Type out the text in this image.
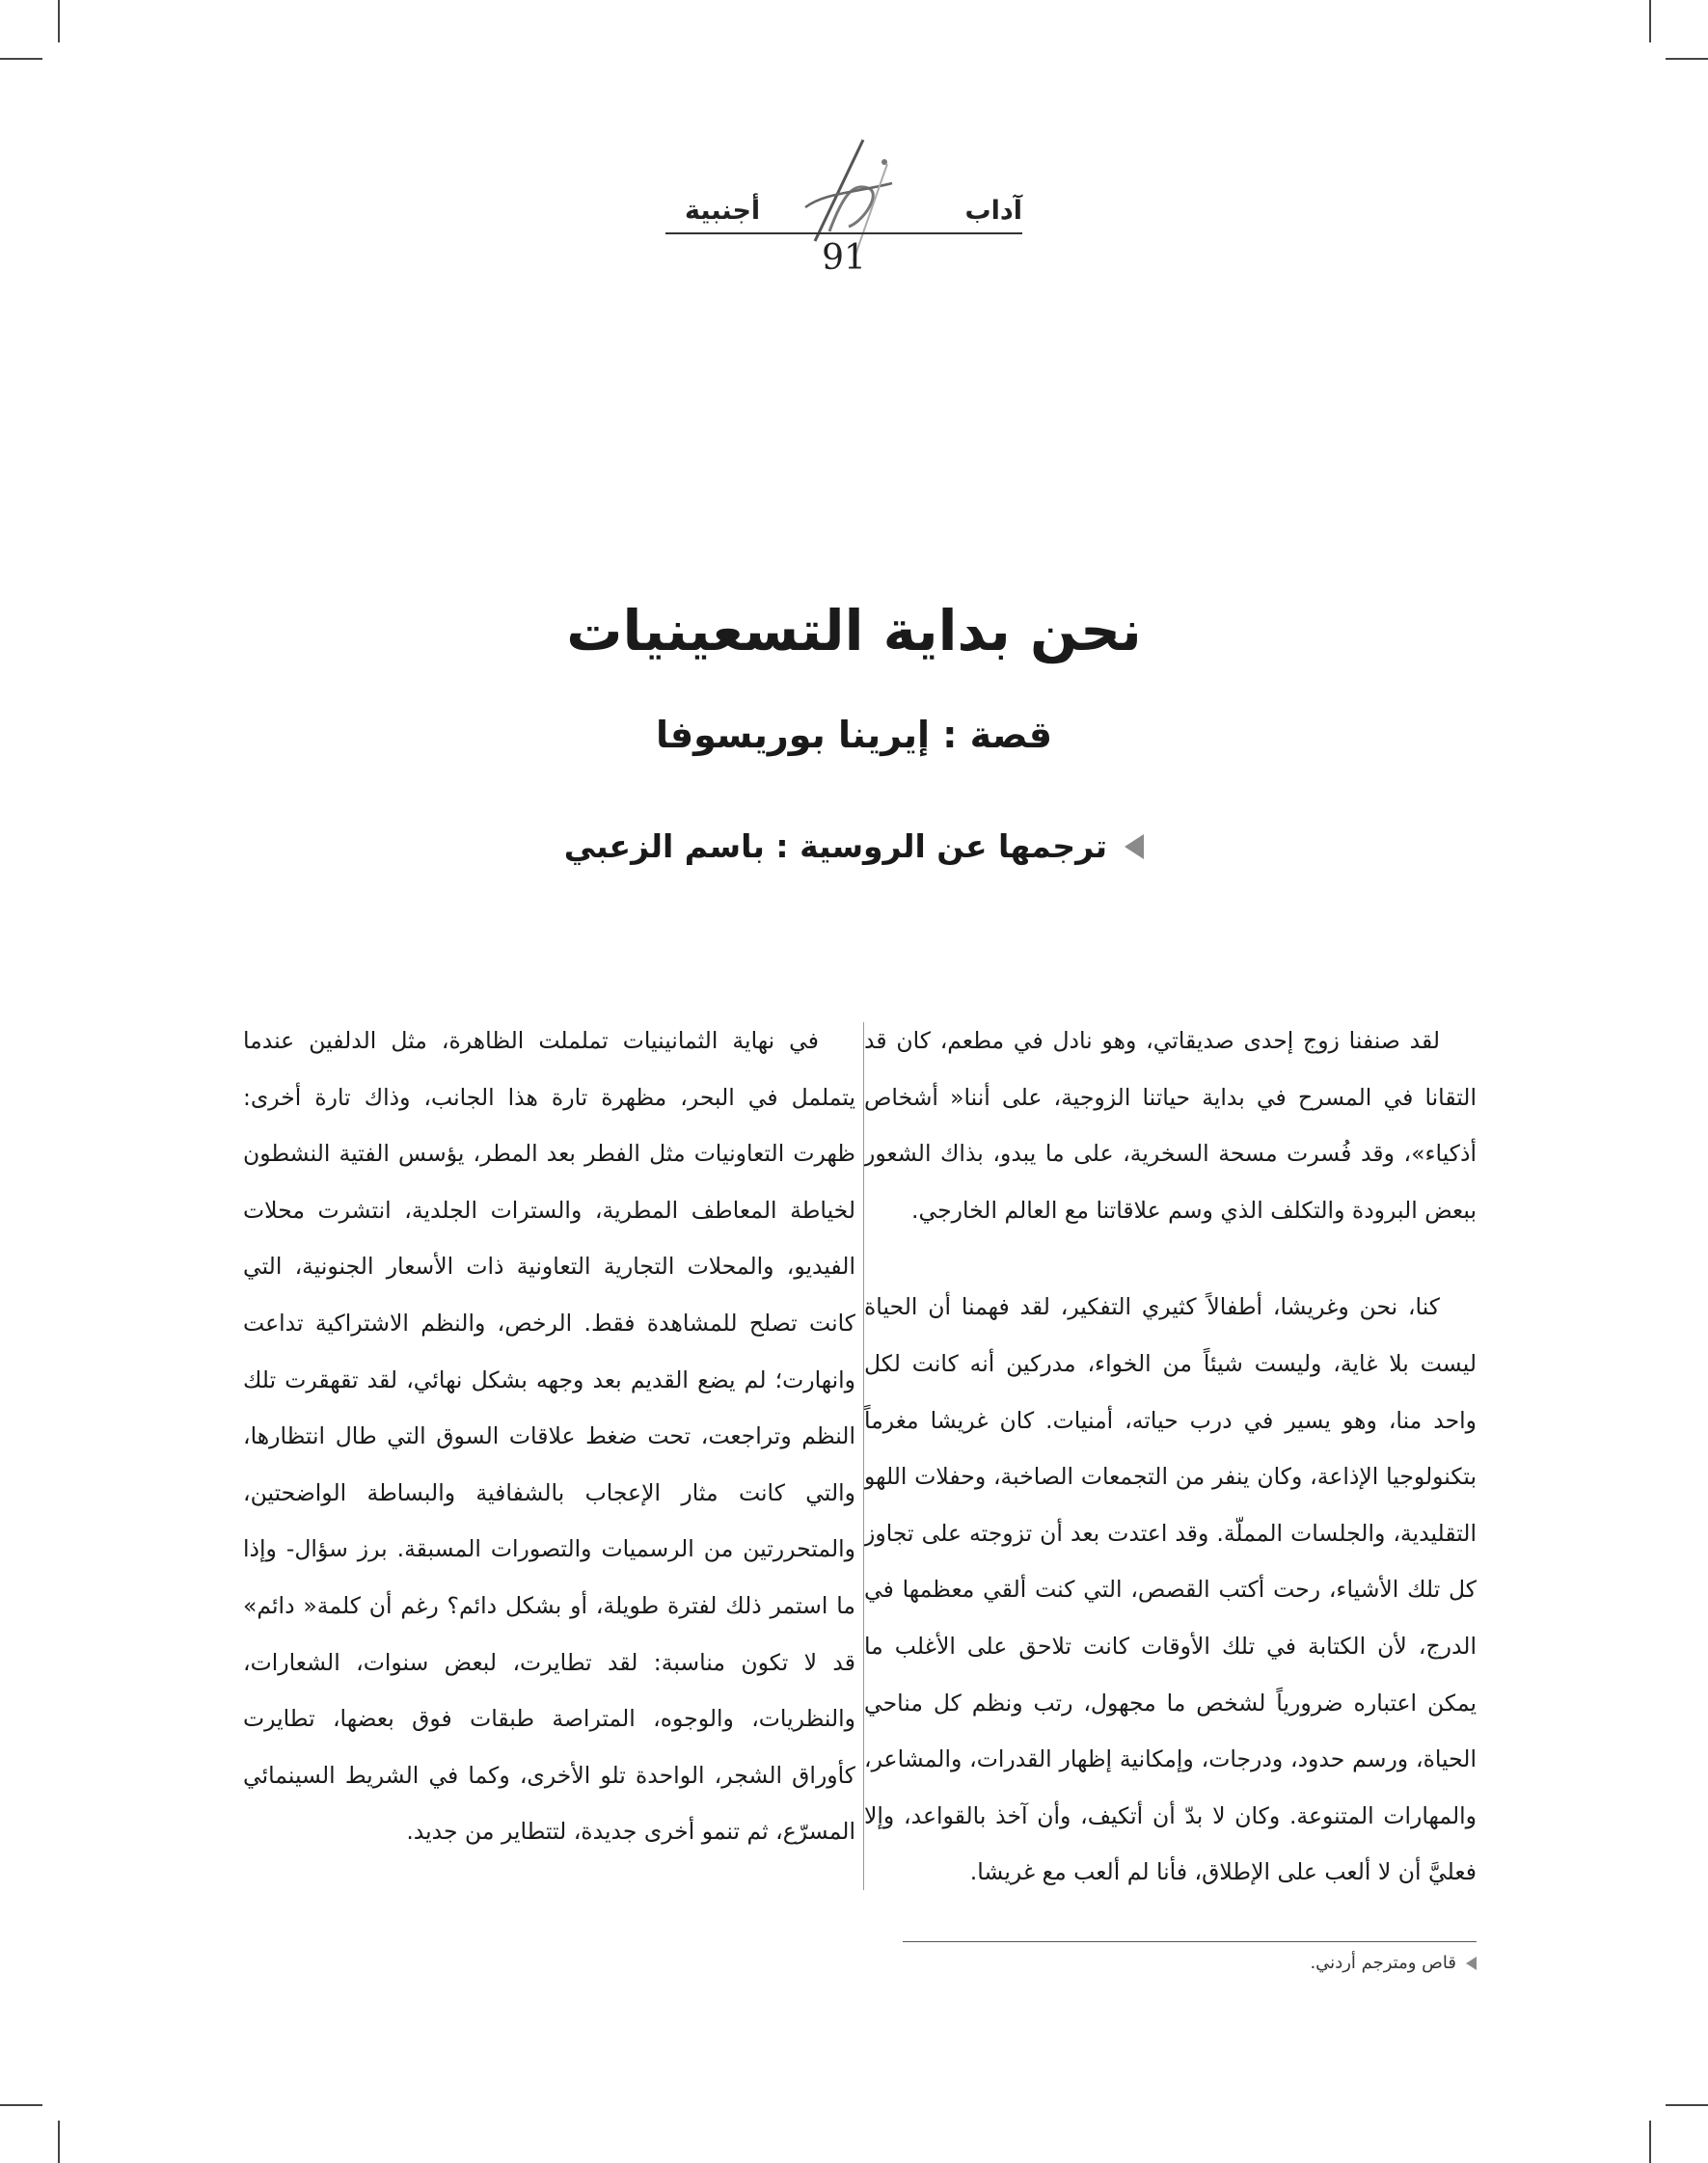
آداب
أجنبية
91
نحن بداية التسعينيات
قصة : إيرينا بوريسوفا
ترجمها عن الروسية : باسم الزعبي

لقد صنفنا زوج إحدى صديقاتي، وهو نادل في مطعم، كان قد التقانا في المسرح في بداية حياتنا الزوجية، على أننا« أشخاص أذكياء»، وقد فُسرت مسحة السخرية، على ما يبدو، بذاك الشعور ببعض البرودة والتكلف الذي وسم علاقاتنا مع العالم الخارجي.

كنا، نحن وغريشا، أطفالاً كثيري التفكير، لقد فهمنا أن الحياة ليست بلا غاية، وليست شيئاً من الخواء، مدركين أنه كانت لكل واحد منا، وهو يسير في درب حياته، أمنيات. كان غريشا مغرماً بتكنولوجيا الإذاعة، وكان ينفر من التجمعات الصاخبة، وحفلات اللهو التقليدية، والجلسات المملّة. وقد اعتدت بعد أن تزوجته على تجاوز كل تلك الأشياء، رحت أكتب القصص، التي كنت ألقي معظمها في الدرج، لأن الكتابة في تلك الأوقات كانت تلاحق على الأغلب ما يمكن اعتباره ضرورياً لشخص ما مجهول، رتب ونظم كل مناحي الحياة، ورسم حدود، ودرجات، وإمكانية إظهار القدرات، والمشاعر، والمهارات المتنوعة. وكان لا بدّ أن أتكيف، وأن آخذ بالقواعد، وإلا فعليَّ أن لا ألعب على الإطلاق، فأنا لم ألعب مع غريشا.

في نهاية الثمانينيات تململت الظاهرة، مثل الدلفين عندما يتململ في البحر، مظهرة تارة هذا الجانب، وذاك تارة أخرى: ظهرت التعاونيات مثل الفطر بعد المطر، يؤسس الفتية النشطون لخياطة المعاطف المطرية، والسترات الجلدية، انتشرت محلات الفيديو، والمحلات التجارية التعاونية ذات الأسعار الجنونية، التي كانت تصلح للمشاهدة فقط. الرخص، والنظم الاشتراكية تداعت وانهارت؛ لم يضع القديم بعد وجهه بشكل نهائي، لقد تقهقرت تلك النظم وتراجعت، تحت ضغط علاقات السوق التي طال انتظارها، والتي كانت مثار الإعجاب بالشفافية والبساطة الواضحتين، والمتحررتين من الرسميات والتصورات المسبقة. برز سؤال- وإذا ما استمر ذلك لفترة طويلة، أو بشكل دائم؟ رغم أن كلمة« دائم» قد لا تكون مناسبة: لقد تطايرت، لبعض سنوات، الشعارات، والنظريات، والوجوه، المتراصة طبقات فوق بعضها، تطايرت كأوراق الشجر، الواحدة تلو الأخرى، وكما في الشريط السينمائي المسرّع، ثم تنمو أخرى جديدة، لتتطاير من جديد.

قاص ومترجم أردني.
